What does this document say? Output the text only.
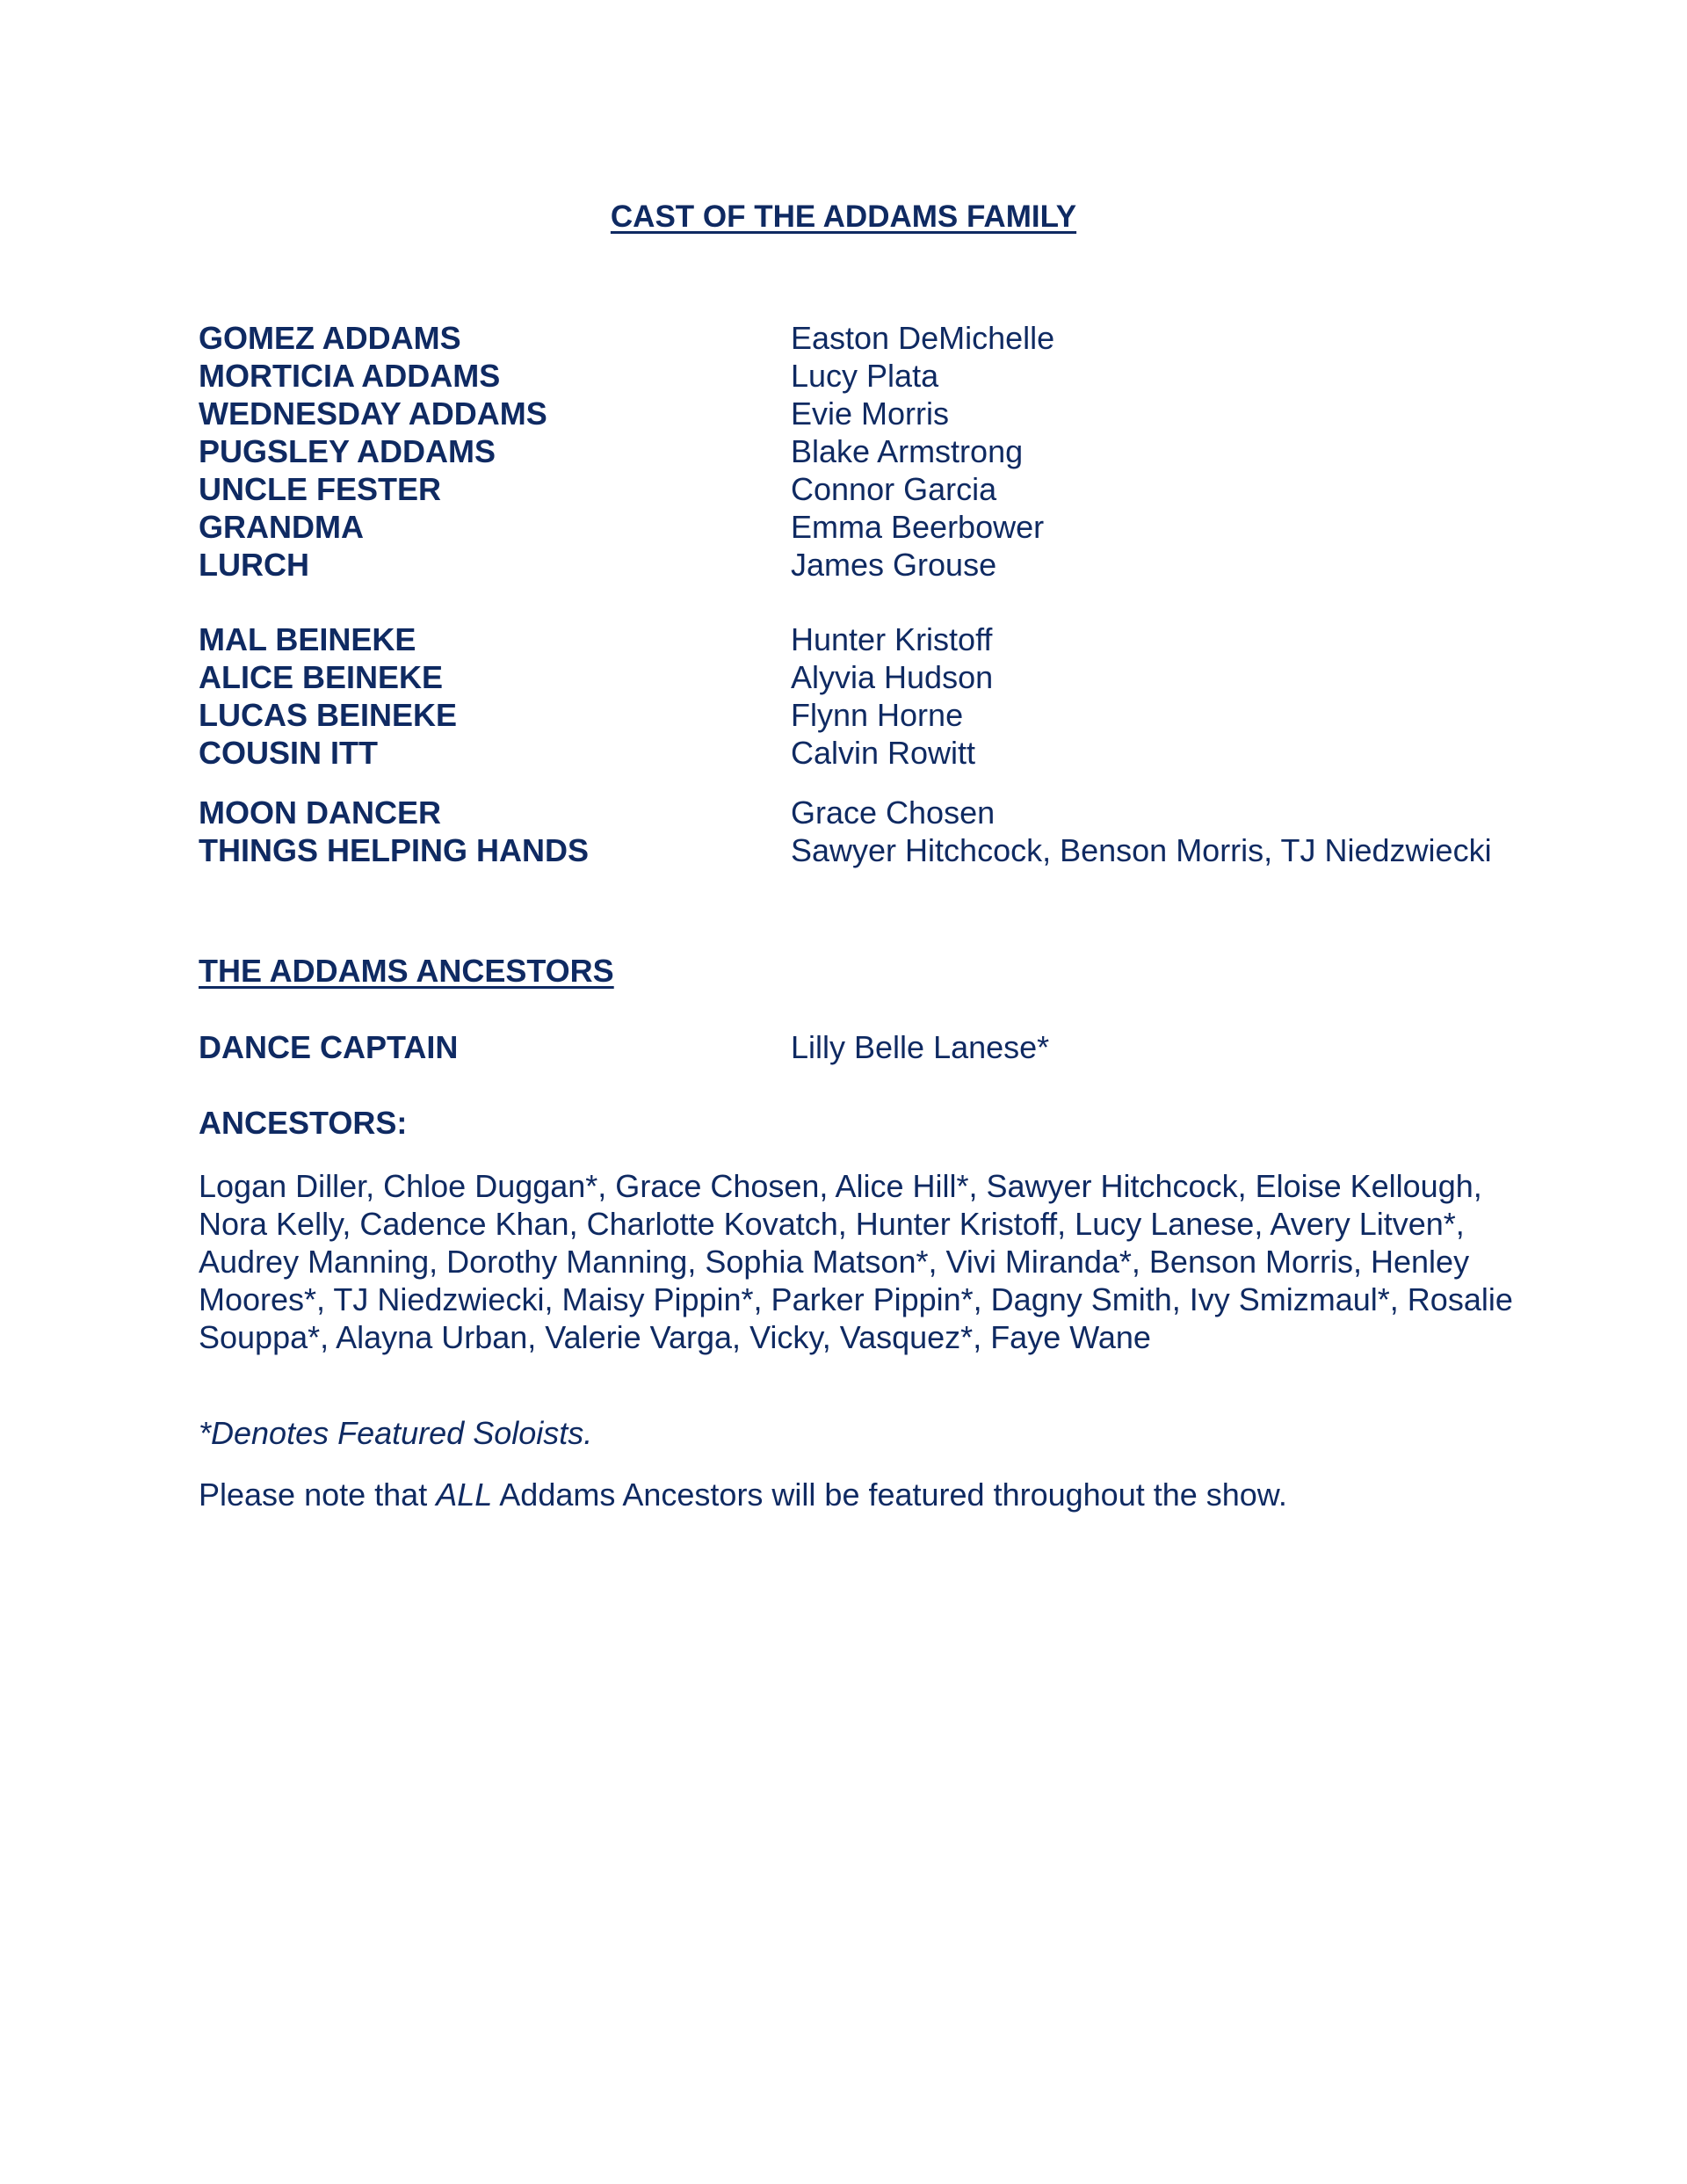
CAST OF THE ADDAMS FAMILY
GOMEZ ADDAMS	Easton DeMichelle
MORTICIA ADDAMS	Lucy Plata
WEDNESDAY ADDAMS	Evie Morris
PUGSLEY ADDAMS	Blake Armstrong
UNCLE FESTER	Connor Garcia
GRANDMA	Emma Beerbower
LURCH	James Grouse
MAL BEINEKE	Hunter Kristoff
ALICE BEINEKE	Alyvia Hudson
LUCAS BEINEKE	Flynn Horne
COUSIN ITT	Calvin Rowitt
MOON DANCER	Grace Chosen
THINGS HELPING HANDS	Sawyer Hitchcock, Benson Morris, TJ Niedzwiecki
THE ADDAMS ANCESTORS
DANCE CAPTAIN	Lilly Belle Lanese*
ANCESTORS:
Logan Diller, Chloe Duggan*, Grace Chosen, Alice Hill*, Sawyer Hitchcock, Eloise Kellough, Nora Kelly, Cadence Khan, Charlotte Kovatch, Hunter Kristoff, Lucy Lanese, Avery Litven*, Audrey Manning, Dorothy Manning, Sophia Matson*, Vivi Miranda*, Benson Morris, Henley Moores*, TJ Niedzwiecki, Maisy Pippin*, Parker Pippin*, Dagny Smith, Ivy Smizmaul*, Rosalie Souppa*, Alayna Urban, Valerie Varga, Vicky, Vasquez*, Faye Wane
*Denotes Featured Soloists.
Please note that ALL Addams Ancestors will be featured throughout the show.
